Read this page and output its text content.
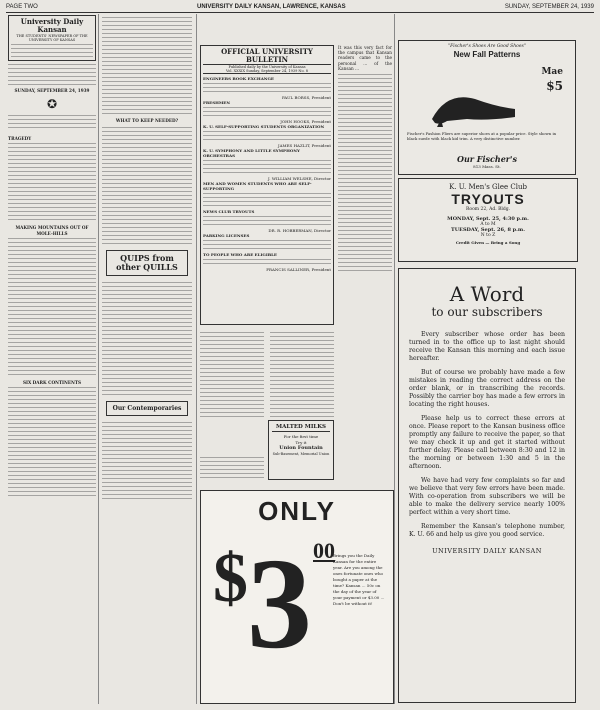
PAGE TWO	UNIVERSITY DAILY KANSAN, LAWRENCE, KANSAS	SUNDAY, SEPTEMBER 24, 1939
University Daily Kansan
THE STUDENTS' NEWSPAPER OF THE UNIVERSITY OF KANSAS
SUNDAY, SEPTEMBER 24, 1939
✪
TRAGEDY
MAKING MOUNTAINS OUT OF MOLE-HILLS
SIX DARK CONTINENTS
WHAT TO KEEP NEEDED?
QUIPS from other QUILLS
Our Contemporaries
OFFICIAL UNIVERSITY BULLETIN
Published daily by the University of Kansas
Vol. XXXIX Sunday, September 24, 1939 No. 8
ENGINEERS BOOK EXCHANGE
PAUL BORSS, President
FRESHMEN
JOHN HOOKS, President
K. U. SELF-SUPPORTING STUDENTS ORGANIZATION
JAMES HAZLIT, President
K. U. SYMPHONY AND LITTLE SYMPHONY ORCHESTRAS
J. WILLIAM WELSHE, Director
MEN AND WOMEN STUDENTS WHO ARE SELF-SUPPORTING
NEWS CLUB TRYOUTS
DR. R. HOBBERMAN, Director
PARKING LICENSES
TO PEOPLE WHO ARE ELIGIBLE
FRANCIS SALLINER, President
It was this very fact for the campus that Kansan readers came to the personal ... of the Kansan ...
MALTED MILKS
For the first time
Try it
Union Fountain
Sub-Basement, Memorial Union
ONLY
$ 3 00
Brings you the Daily Kansan for the entire year. Are you among the ones fortunate ones who bought a paper at the time? Kansan ... 50c on the day of the year of your payment or $3.00 ... Don't be without it!
"Fischer's Shoes Are Good Shoes"
New Fall Patterns
Mae
$5
Fischer's Fashion Fliers are superior shoes at a popular price. Style shown in black suede with black kid trim. A very distinctive number.
Our Fischer's
813 Mass. St.
K. U. Men's Glee Club
TRYOUTS
Room 22, Ad. Bldg.
MONDAY, Sept. 25, 4:30 p.m.
A to M
TUESDAY, Sept. 26, 8 p.m.
N to Z
Credit Given — Bring a Song
A Word
to our subscribers
Every subscriber whose order has been turned in to the office up to last night should receive the Kansan this morning and each issue hereafter.
But of course we probably have made a few mistakes in reading the correct address on the order blank, or in transcribing the records. Possibly the carrier boy has made a few errors in locating the right houses.
Please help us to correct these errors at once. Please report to the Kansan business office promptly any failure to receive the paper, so that we may check it up and get it started without further delay. Please call between 8:30 and 12 in the morning or between 1:30 and 5 in the afternoon.
We have had very few complaints so far and we believe that very few errors have been made. With co-operation from subscribers we will be able to make the delivery service nearly 100% perfect within a very short time.
Remember the Kansan's telephone number, K. U. 66 and help us give you good service.
UNIVERSITY DAILY KANSAN
